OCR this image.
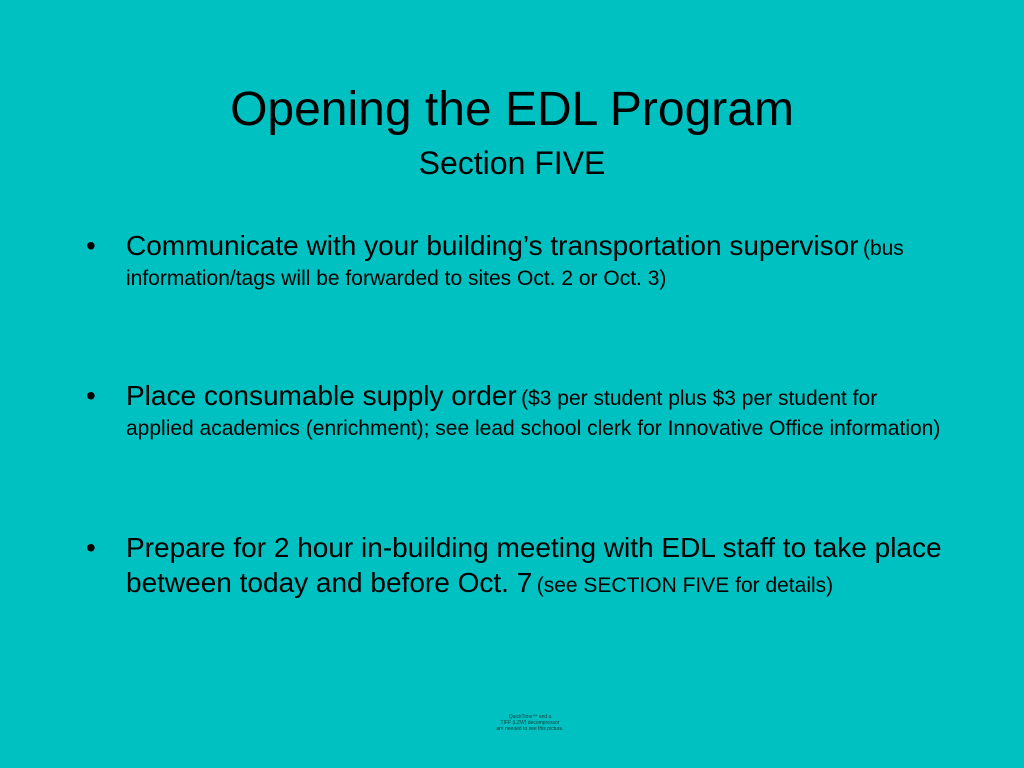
Opening the EDL Program
Section FIVE
• Communicate with your building’s transportation supervisor (bus information/tags will be forwarded to sites Oct. 2 or Oct. 3)
• Place consumable supply order ($3 per student plus $3 per student for applied academics (enrichment); see lead school clerk for Innovative Office information)
• Prepare for 2 hour in-building meeting with EDL staff to take place between today and before Oct. 7 (see SECTION FIVE for details)
QuickTime™ and a
TIFF (LZW) decompressor
are needed to see this picture.
